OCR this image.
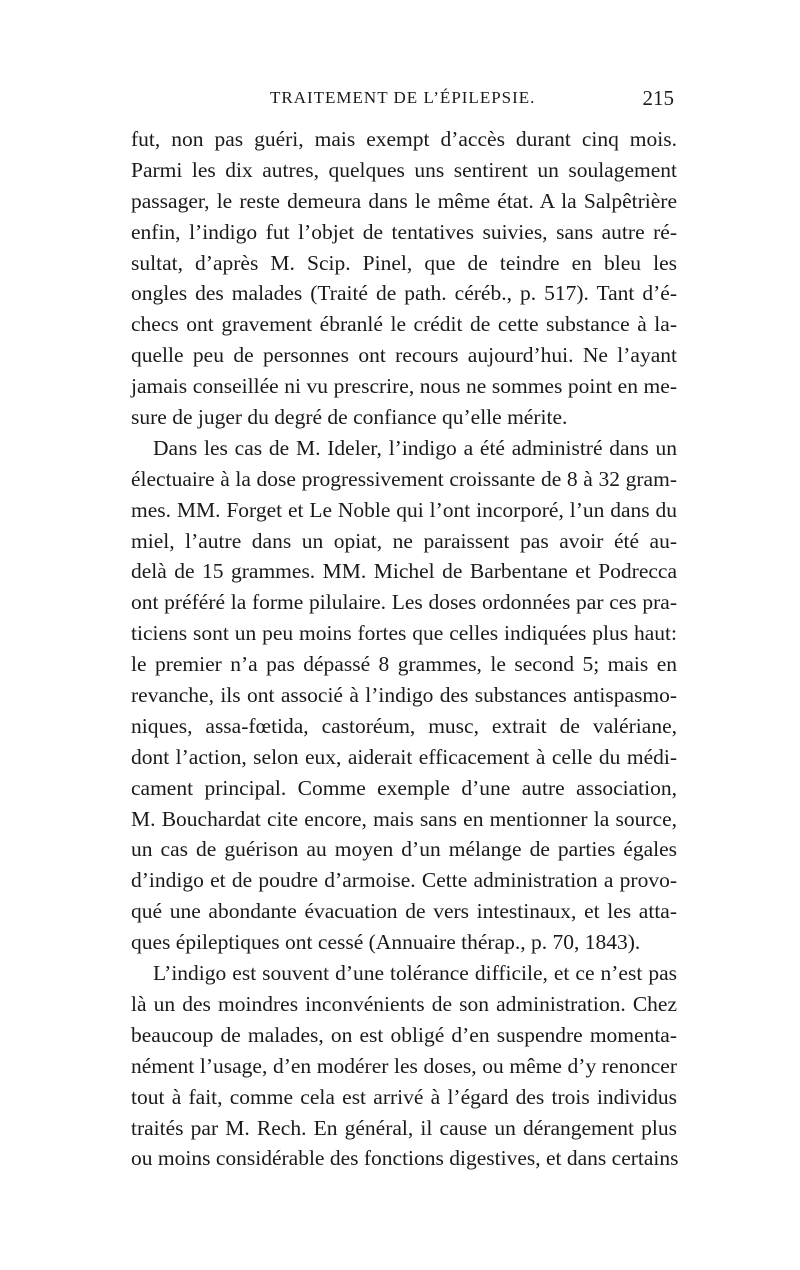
TRAITEMENT DE L’ÉPILEPSIE.	215
fut, non pas guéri, mais exempt d’accès durant cinq mois.
Parmi les dix autres, quelques uns sentirent un soulagement
passager, le reste demeura dans le même état. A la Salpêtrière
enfin, l’indigo fut l’objet de tentatives suivies, sans autre ré-
sultat, d’après M. Scip. Pinel, que de teindre en bleu les
ongles des malades (Traité de path. céréb., p. 517). Tant d’é-
checs ont gravement ébranlé le crédit de cette substance à la-
quelle peu de personnes ont recours aujourd’hui. Ne l’ayant
jamais conseillée ni vu prescrire, nous ne sommes point en me-
sure de juger du degré de confiance qu’elle mérite.
Dans les cas de M. Ideler, l’indigo a été administré dans un
électuaire à la dose progressivement croissante de 8 à 32 gram-
mes. MM. Forget et Le Noble qui l’ont incorporé, l’un dans du
miel, l’autre dans un opiat, ne paraissent pas avoir été au-
delà de 15 grammes. MM. Michel de Barbentane et Podrecca
ont préféré la forme pilulaire. Les doses ordonnées par ces pra-
ticiens sont un peu moins fortes que celles indiquées plus haut:
le premier n’a pas dépassé 8 grammes, le second 5; mais en
revanche, ils ont associé à l’indigo des substances antispasmo-
niques, assa-fœtida, castoréum, musc, extrait de valériane,
dont l’action, selon eux, aiderait efficacement à celle du médi-
cament principal. Comme exemple d’une autre association,
M. Bouchardat cite encore, mais sans en mentionner la source,
un cas de guérison au moyen d’un mélange de parties égales
d’indigo et de poudre d’armoise. Cette administration a provo-
qué une abondante évacuation de vers intestinaux, et les atta-
ques épileptiques ont cessé (Annuaire thérap., p. 70, 1843).
L’indigo est souvent d’une tolérance difficile, et ce n’est pas
là un des moindres inconvénients de son administration. Chez
beaucoup de malades, on est obligé d’en suspendre momenta-
nément l’usage, d’en modérer les doses, ou même d’y renoncer
tout à fait, comme cela est arrivé à l’égard des trois individus
traités par M. Rech. En général, il cause un dérangement plus
ou moins considérable des fonctions digestives, et dans certains
